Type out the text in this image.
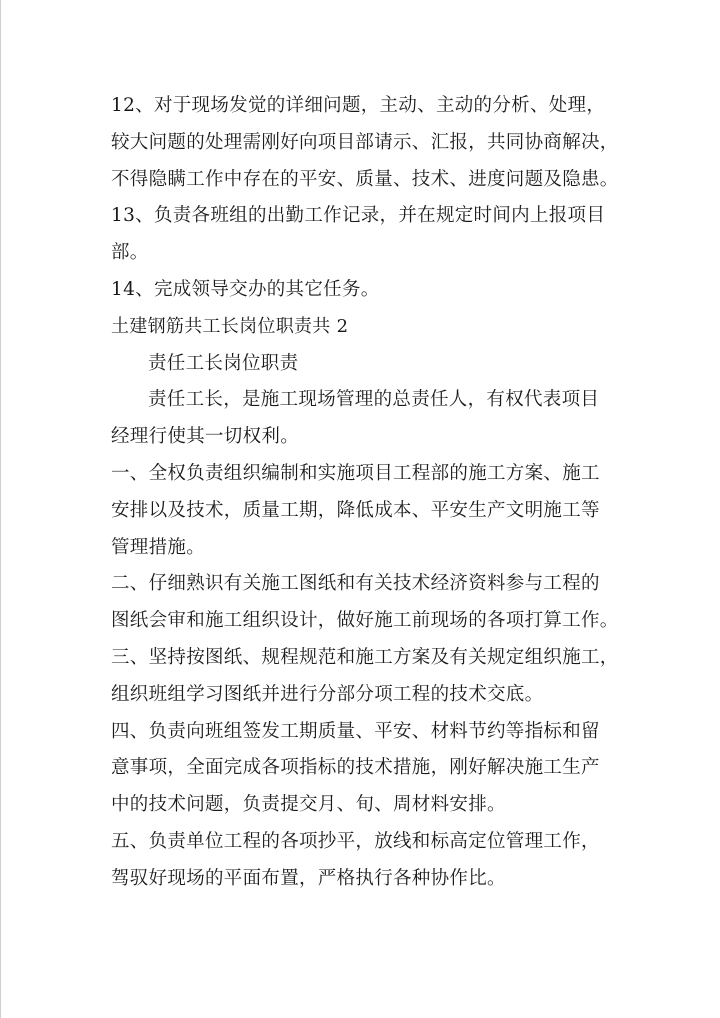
12、对于现场发觉的详细问题，主动、主动的分析、处理，
较大问题的处理需刚好向项目部请示、汇报，共同协商解决，
不得隐瞒工作中存在的平安、质量、技术、进度问题及隐患。
13、负责各班组的出勤工作记录，并在规定时间内上报项目
部。
14、完成领导交办的其它任务。
土建钢筋共工长岗位职责共 2
责任工长岗位职责
责任工长，是施工现场管理的总责任人，有权代表项目
经理行使其一切权利。
一、全权负责组织编制和实施项目工程部的施工方案、施工
安排以及技术，质量工期，降低成本、平安生产文明施工等
管理措施。
二、仔细熟识有关施工图纸和有关技术经济资料参与工程的
图纸会审和施工组织设计，做好施工前现场的各项打算工作。
三、坚持按图纸、规程规范和施工方案及有关规定组织施工，
组织班组学习图纸并进行分部分项工程的技术交底。
四、负责向班组签发工期质量、平安、材料节约等指标和留
意事项，全面完成各项指标的技术措施，刚好解决施工生产
中的技术问题，负责提交月、旬、周材料安排。
五、负责单位工程的各项抄平，放线和标高定位管理工作，
驾驭好现场的平面布置，严格执行各种协作比。
